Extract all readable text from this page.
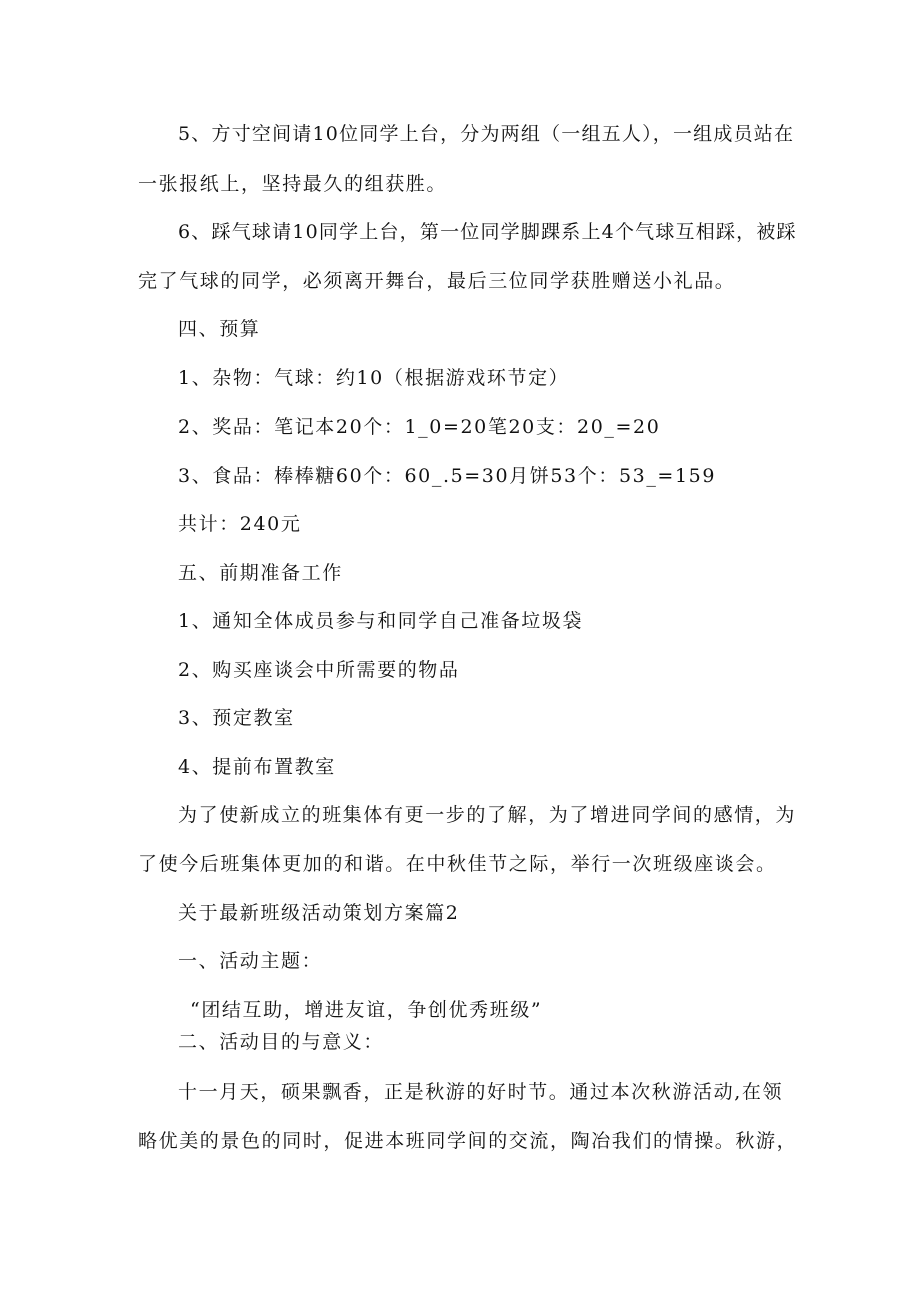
5、方寸空间请10位同学上台，分为两组（一组五人），一组成员站在
一张报纸上，坚持最久的组获胜。
6、踩气球请10同学上台，第一位同学脚踝系上4个气球互相踩，被踩
完了气球的同学，必须离开舞台，最后三位同学获胜赠送小礼品。
四、预算
1、杂物：气球：约10（根据游戏环节定）
2、奖品：笔记本20个：1_0=20笔20支：20_=20
3、食品：棒棒糖60个：60_.5=30月饼53个：53_=159
共计：240元
五、前期准备工作
1、通知全体成员参与和同学自己准备垃圾袋
2、购买座谈会中所需要的物品
3、预定教室
4、提前布置教室
为了使新成立的班集体有更一步的了解，为了增进同学间的感情，为
了使今后班集体更加的和谐。在中秋佳节之际，举行一次班级座谈会。
关于最新班级活动策划方案篇2
一、活动主题：
“团结互助，增进友谊，争创优秀班级”
二、活动目的与意义：
十一月天，硕果飘香，正是秋游的好时节。通过本次秋游活动,在领
略优美的景色的同时，促进本班同学间的交流，陶冶我们的情操。秋游，
